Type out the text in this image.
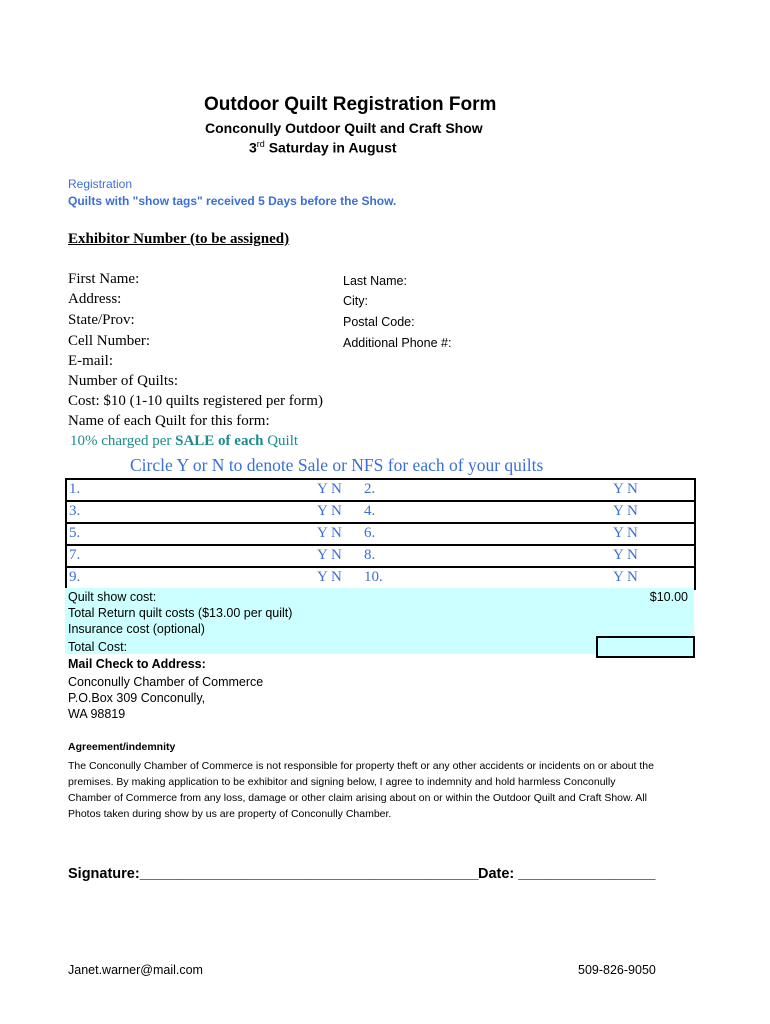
Outdoor Quilt Registration Form
Conconully Outdoor Quilt and Craft Show
3rd Saturday in August
Registration
Quilts with "show tags" received 5 Days before the Show.
Exhibitor Number (to be assigned)
First Name:
Address:
State/Prov:
Cell Number:
E-mail:
Number of Quilts:
Cost: $10 (1-10 quilts registered per form)
Name of each Quilt for this form:
10% charged per SALE of each Quilt
Last Name:
City:
Postal Code:
Additional Phone #:
Circle Y or N to denote Sale or NFS for each of your quilts
1.	Y N 2.	Y N
3.	Y N 4.	Y N
5.	Y N 6.	Y N
7.	Y N 8.	Y N
9.	Y N 10.	Y N
Quilt show cost:	$10.00
Total Return quilt costs ($13.00 per quilt)
Insurance cost (optional)
Total Cost:
Mail Check to Address:
Conconully Chamber of Commerce
P.O.Box 309 Conconully,
WA 98819
Agreement/indemnity
The Conconully Chamber of Commerce is not responsible for property theft or any other accidents or incidents on or about the premises. By making application to be exhibitor and signing below, I agree to indemnity and hold harmless Conconully Chamber of Commerce from any loss, damage or other claim arising about on or within the Outdoor Quilt and Craft Show. All Photos taken during show by us are property of Conconully Chamber.
Signature:__________________________________________ Date: _________________
Janet.warner@mail.com	509-826-9050
